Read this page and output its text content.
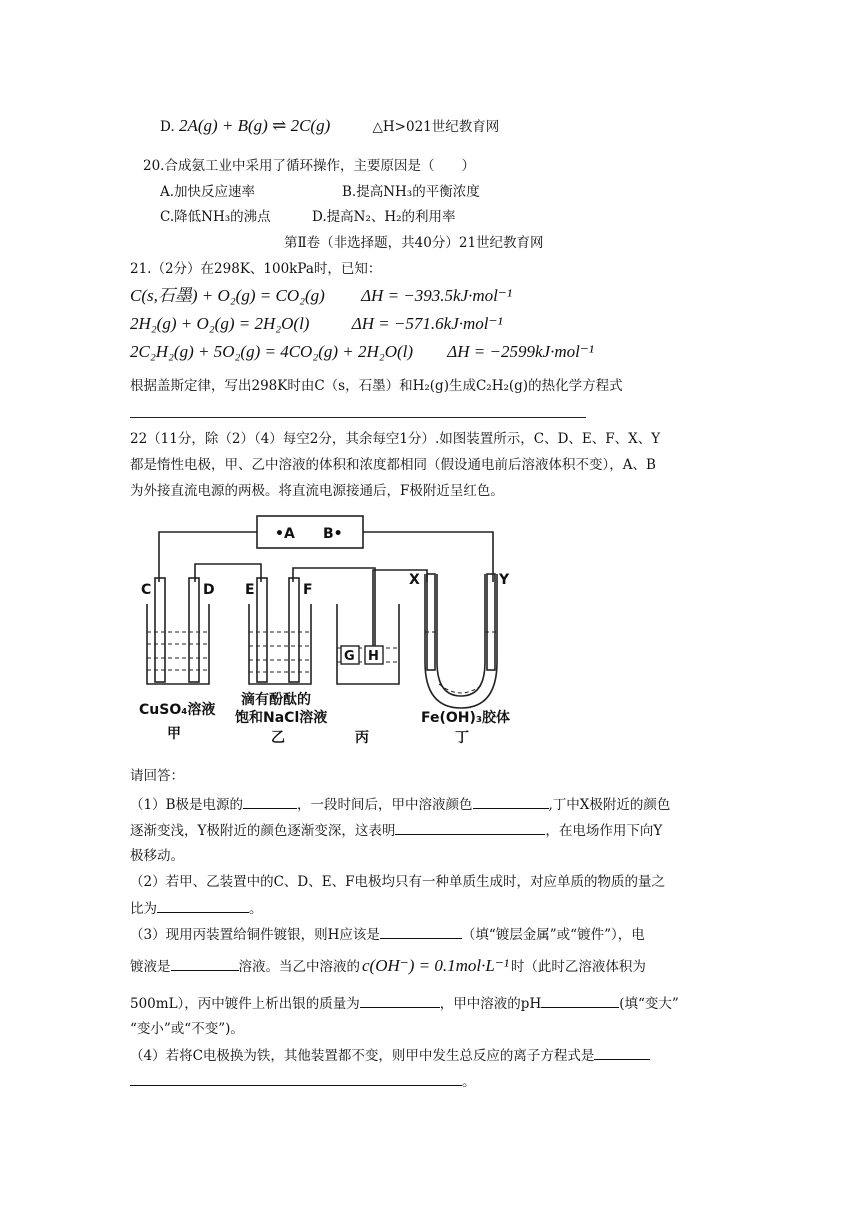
D. 2A(g) + B(g) ⇌ 2C(g)	△H>021世纪教育网
20.合成氨工业中采用了循环操作，主要原因是（　　）
A.加快反应速率	B.提高NH₃的平衡浓度
C.降低NH₃的沸点	D.提高N₂、H₂的利用率
第Ⅱ卷（非选择题，共40分）21世纪教育网
21.（2分）在298K、100kPa时，已知：
C(s,石墨) + O₂(g) = CO₂(g) ΔH = −393.5kJ·mol⁻¹
2H₂(g) + O₂(g) = 2H₂O(l) ΔH = −571.6kJ·mol⁻¹
2C₂H₂(g) + 5O₂(g) = 4CO₂(g) + 2H₂O(l) ΔH = −2599kJ·mol⁻¹
根据盖斯定律，写出298K时由C（s，石墨）和H₂(g)生成C₂H₂(g)的热化学方程式
22（11分，除（2）（4）每空2分，其余每空1分）.如图装置所示，C、D、E、F、X、Y
都是惰性电极，甲、乙中溶液的体积和浓度都相同（假设通电前后溶液体积不变），A、B
为外接直流电源的两极。将直流电源接通后，F极附近呈红色。
•A B•
C	D E	F
X	Y
G H
CuSO₄溶液
甲
滴有酚酞的
饱和NaCl溶液
乙	丙
Fe(OH)₃胶体
丁
请回答：
（1）B极是电源的	，一段时间后，甲中溶液颜色	,丁中X极附近的颜色
逐渐变浅，Y极附近的颜色逐渐变深，这表明	，在电场作用下向Y
极移动。
（2）若甲、乙装置中的C、D、E、F电极均只有一种单质生成时，对应单质的物质的量之
比为	。
（3）现用丙装置给铜件镀银，则H应该是	（填“镀层金属”或“镀件”），电
镀液是	溶液。当乙中溶液的 c(OH⁻) = 0.1mol·L⁻¹ 时（此时乙溶液体积为
500mL），丙中镀件上析出银的质量为	，甲中溶液的pH	(填“变大”
“变小”或“不变”)。
（4）若将C电极换为铁，其他装置都不变，则甲中发生总反应的离子方程式是
。
